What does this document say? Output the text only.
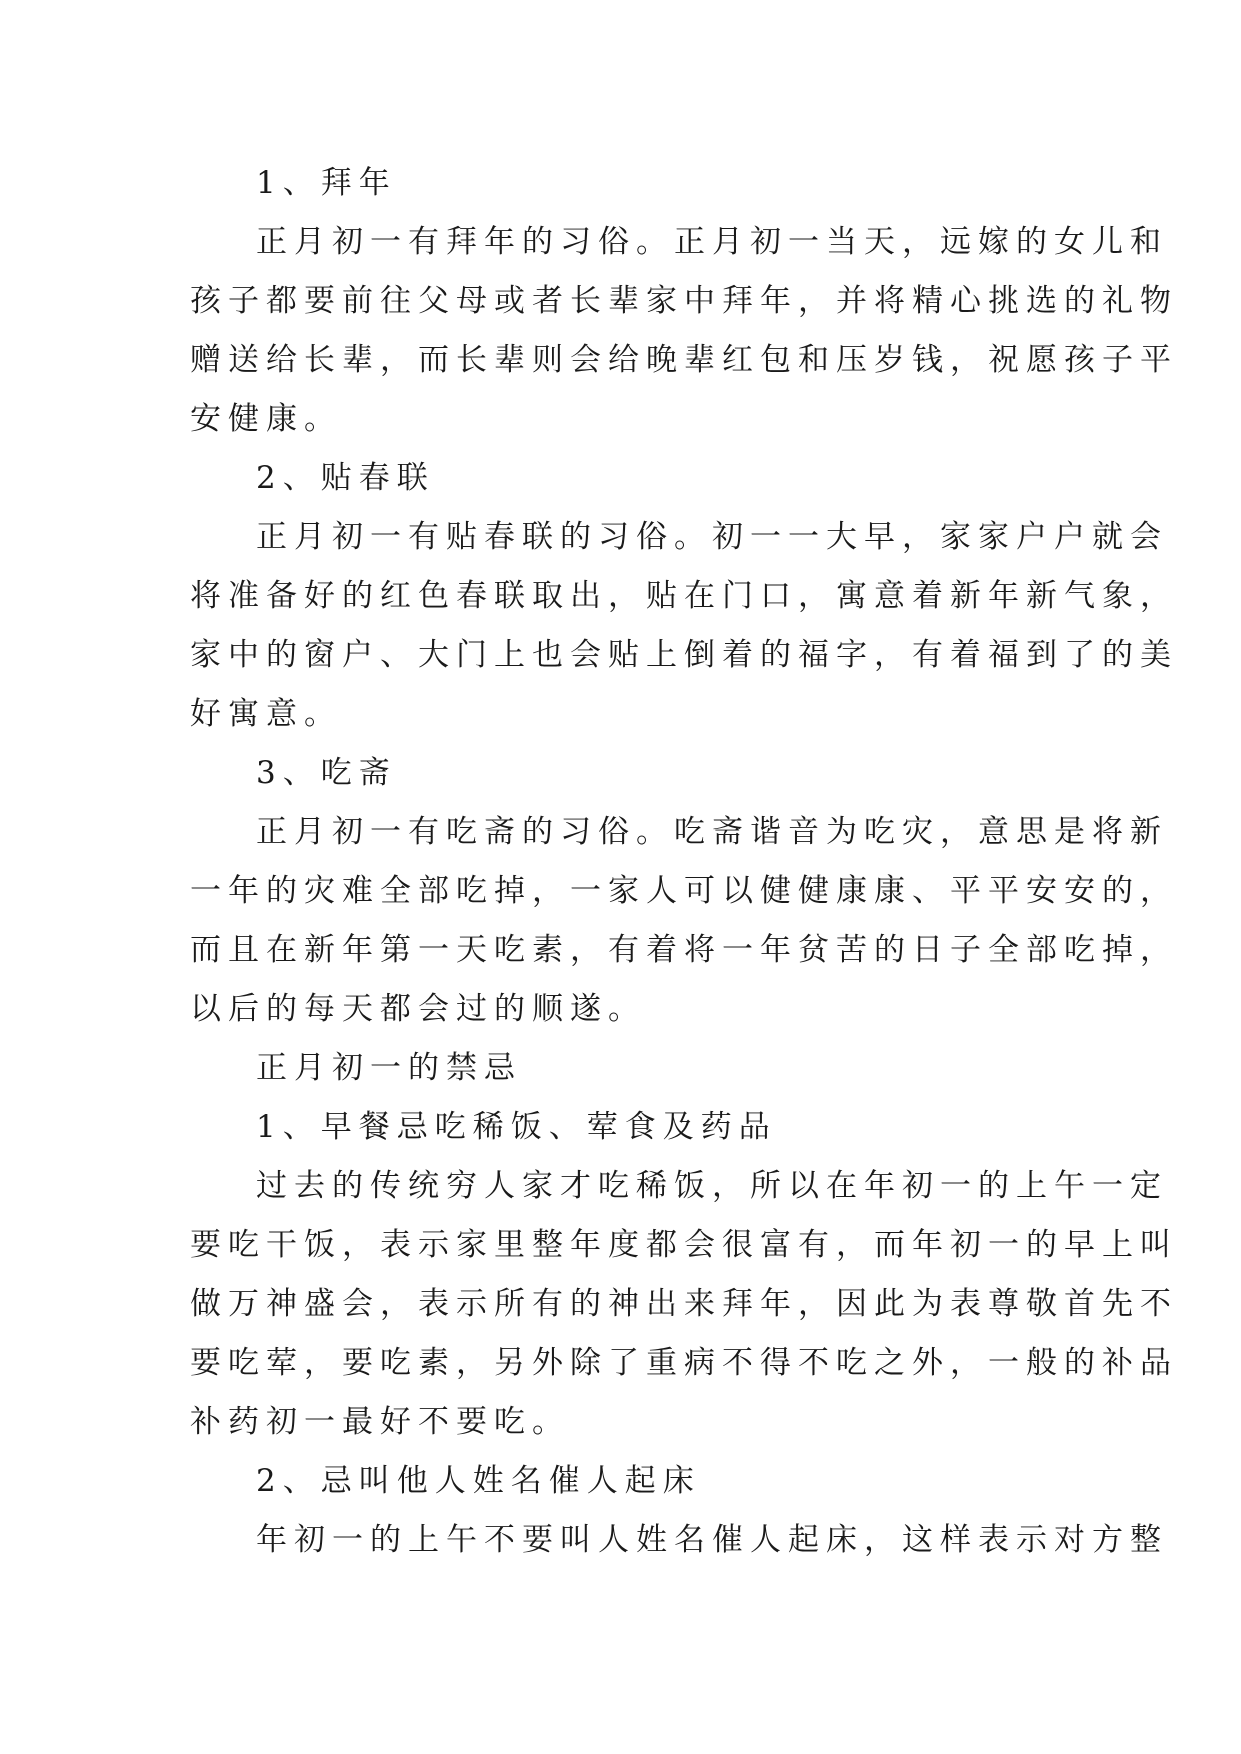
1、拜年
正月初一有拜年的习俗。正月初一当天，远嫁的女儿和
孩子都要前往父母或者长辈家中拜年，并将精心挑选的礼物
赠送给长辈，而长辈则会给晚辈红包和压岁钱，祝愿孩子平
安健康。
2、贴春联
正月初一有贴春联的习俗。初一一大早，家家户户就会
将准备好的红色春联取出，贴在门口，寓意着新年新气象，
家中的窗户、大门上也会贴上倒着的福字，有着福到了的美
好寓意。
3、吃斋
正月初一有吃斋的习俗。吃斋谐音为吃灾，意思是将新
一年的灾难全部吃掉，一家人可以健健康康、平平安安的，
而且在新年第一天吃素，有着将一年贫苦的日子全部吃掉，
以后的每天都会过的顺遂。
正月初一的禁忌
1、早餐忌吃稀饭、荤食及药品
过去的传统穷人家才吃稀饭，所以在年初一的上午一定
要吃干饭，表示家里整年度都会很富有，而年初一的早上叫
做万神盛会，表示所有的神出来拜年，因此为表尊敬首先不
要吃荤，要吃素，另外除了重病不得不吃之外，一般的补品
补药初一最好不要吃。
2、忌叫他人姓名催人起床
年初一的上午不要叫人姓名催人起床，这样表示对方整
